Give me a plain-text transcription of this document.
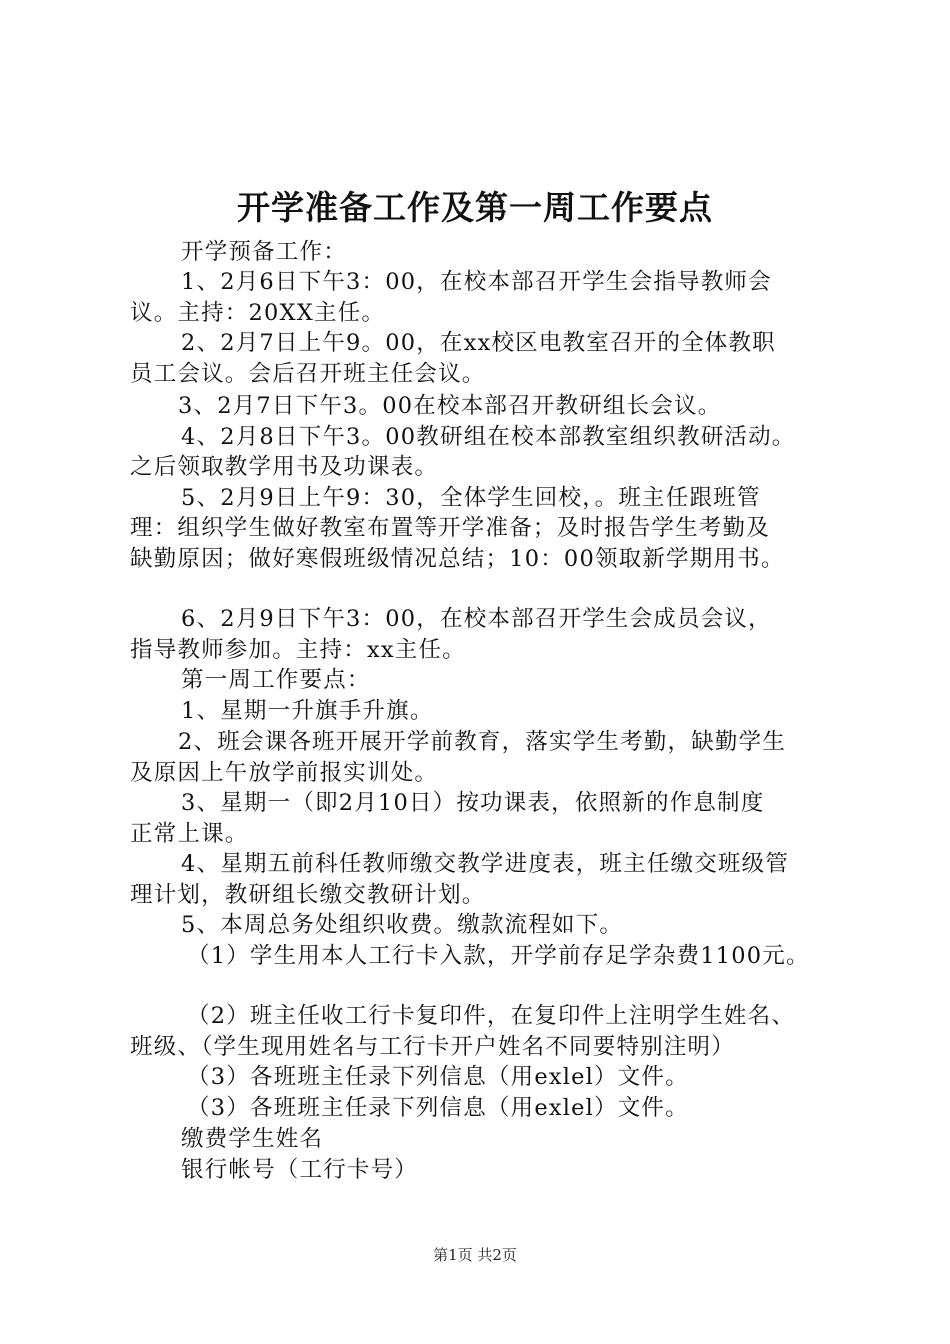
开学准备工作及第一周工作要点
开学预备工作：
1、2月6日下午3：00，在校本部召开学生会指导教师会
议。主持：20XX主任。
2、2月7日上午9。00，在xx校区电教室召开的全体教职
员工会议。会后召开班主任会议。
3、2月7日下午3。00在校本部召开教研组长会议。
4、2月8日下午3。00教研组在校本部教室组织教研活动。
之后领取教学用书及功课表。
5、2月9日上午9：30，全体学生回校，。班主任跟班管
理：组织学生做好教室布置等开学准备；及时报告学生考勤及
缺勤原因；做好寒假班级情况总结；10：00领取新学期用书。
6、2月9日下午3：00，在校本部召开学生会成员会议，
指导教师参加。主持：xx主任。
第一周工作要点：
1、星期一升旗手升旗。
2、班会课各班开展开学前教育，落实学生考勤，缺勤学生
及原因上午放学前报实训处。
3、星期一（即2月10日）按功课表，依照新的作息制度
正常上课。
4、星期五前科任教师缴交教学进度表，班主任缴交班级管
理计划，教研组长缴交教研计划。
5、本周总务处组织收费。缴款流程如下。
（1）学生用本人工行卡入款，开学前存足学杂费1100元。
（2）班主任收工行卡复印件，在复印件上注明学生姓名、
班级、（学生现用姓名与工行卡开户姓名不同要特别注明）
（3）各班班主任录下列信息（用exlel）文件。
（3）各班班主任录下列信息（用exlel）文件。
缴费学生姓名
银行帐号（工行卡号）
第1页 共2页
